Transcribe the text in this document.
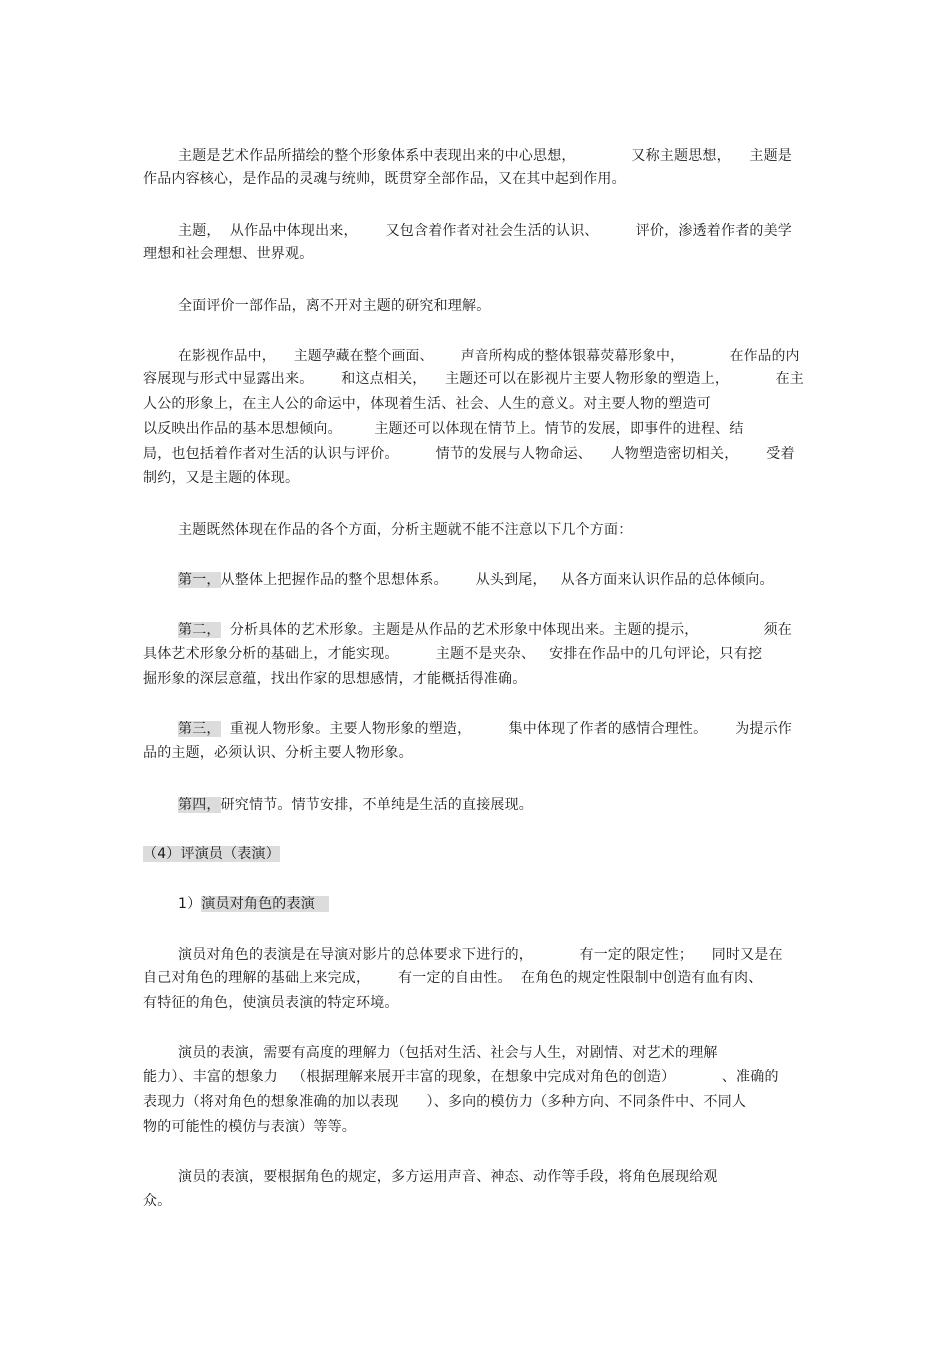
主题是艺术作品所描绘的整个形象体系中表现出来的中心思想，            又称主题思想，    主题是
作品内容核心，是作品的灵魂与统帅，既贯穿全部作品，又在其中起到作用。
主题，  从作品中体现出来，      又包含着作者对社会生活的认识、        评价，渗透着作者的美学
理想和社会理想、世界观。
全面评价一部作品，离不开对主题的研究和理解。
在影视作品中，    主题孕藏在整个画面、      声音所构成的整体银幕荧幕形象中，          在作品的内
容展现与形式中显露出来。      和这点相关，    主题还可以在影视片主要人物形象的塑造上，          在主
人公的形象上，在主人公的命运中，体现着生活、社会、人生的意义。对主要人物的塑造可
以反映出作品的基本思想倾向。       主题还可以体现在情节上。情节的发展，即事件的进程、结
局，也包括着作者对生活的认识与评价。        情节的发展与人物命运、    人物塑造密切相关，      受着
制约，又是主题的体现。
主题既然体现在作品的各个方面，分析主题就不能不注意以下几个方面：
第一，从整体上把握作品的整个思想体系。      从头到尾，   从各方面来认识作品的总体倾向。
第二，  分析具体的艺术形象。主题是从作品的艺术形象中体现出来。主题的提示，              须在
具体艺术形象分析的基础上，才能实现。        主题不是夹杂、   安排在作品中的几句评论，只有挖
掘形象的深层意蕴，找出作家的思想感情，才能概括得准确。
第三，  重视人物形象。主要人物形象的塑造，        集中体现了作者的感情合理性。      为提示作
品的主题，必须认识、分析主要人物形象。
第四，研究情节。情节安排，不单纯是生活的直接展现。
（4）评演员（表演）
1）演员对角色的表演
演员对角色的表演是在导演对影片的总体要求下进行的，          有一定的限定性；    同时又是在
自己对角色的理解的基础上来完成，      有一定的自由性。  在角色的规定性限制中创造有血有肉、
有特征的角色，使演员表演的特定环境。
演员的表演，需要有高度的理解力（包括对生活、社会与人生，对剧情、对艺术的理解
能力）、丰富的想象力   （根据理解来展开丰富的现象，在想象中完成对角色的创造）          、准确的
表现力（将对角色的想象准确的加以表现      ）、多向的模仿力（多种方向、不同条件中、不同人
物的可能性的模仿与表演）等等。
演员的表演，要根据角色的规定，多方运用声音、神态、动作等手段，将角色展现给观
众。
